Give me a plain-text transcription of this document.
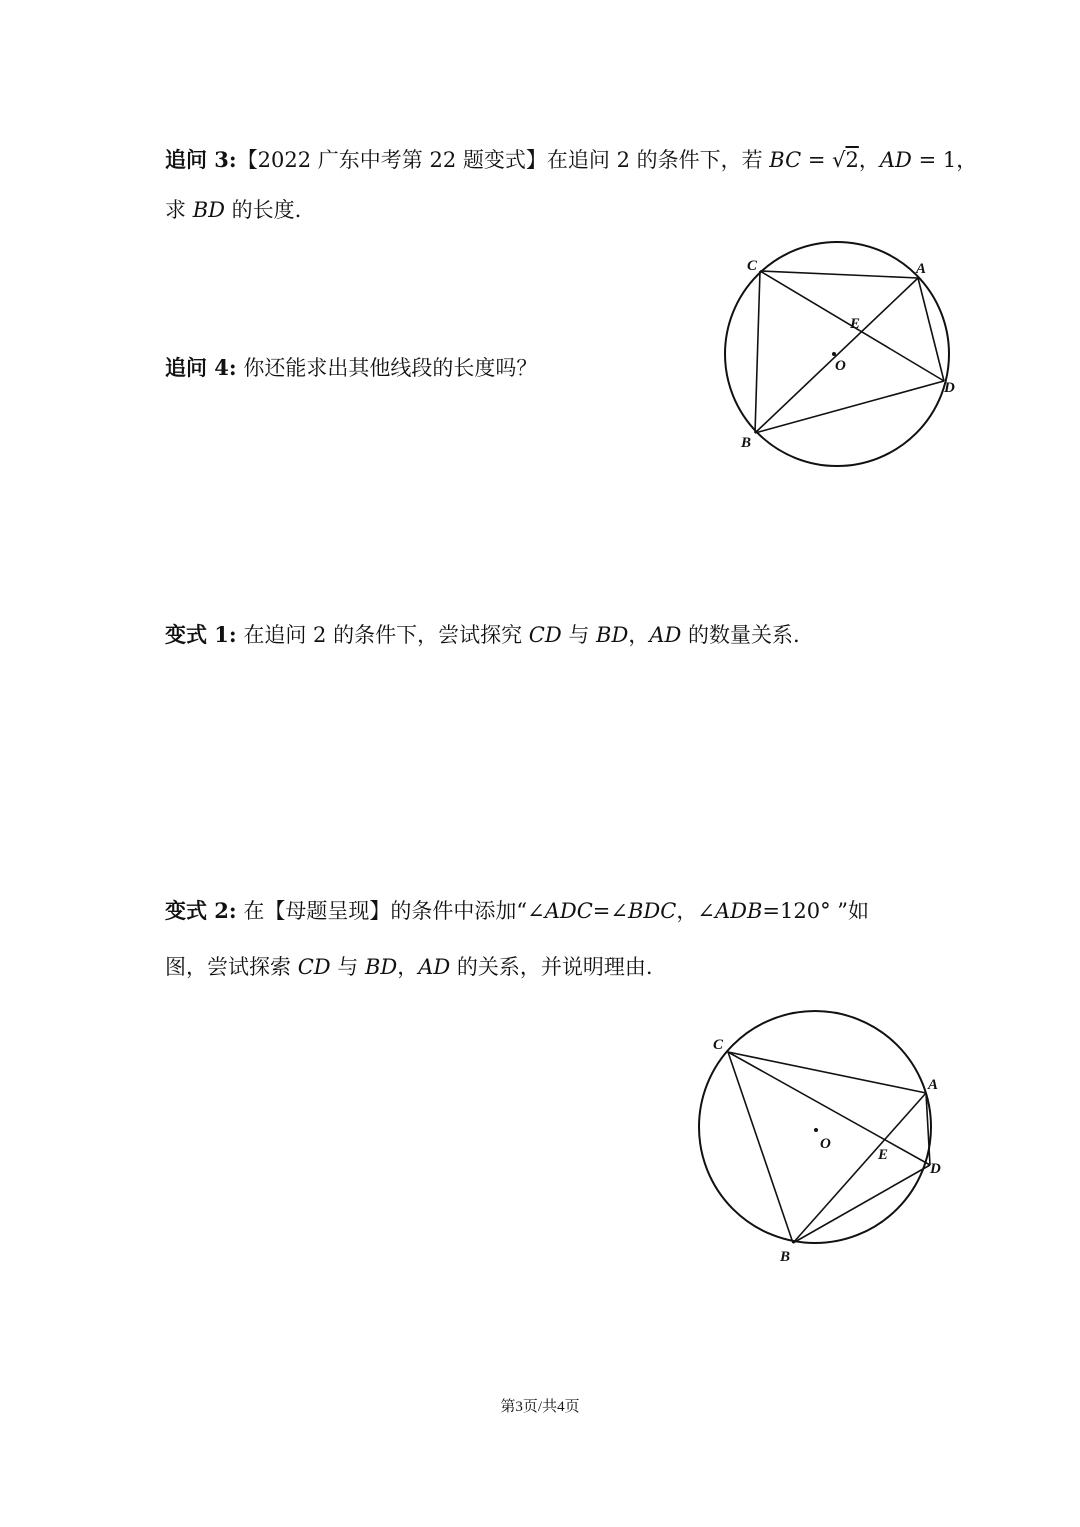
追问 3:【2022 广东中考第 22 题变式】在追问 2 的条件下，若 BC = √2，AD = 1，
求 BD 的长度.
追问 4: 你还能求出其他线段的长度吗？
C	A
E
O
D
B
变式 1: 在追问 2 的条件下，尝试探究 CD 与 BD，AD 的数量关系.
变式 2: 在【母题呈现】的条件中添加“∠ADC=∠BDC，∠ADB=120° ”如
图，尝试探索 CD 与 BD，AD 的关系，并说明理由.
C
A
O
E
D
B
第3页/共4页
